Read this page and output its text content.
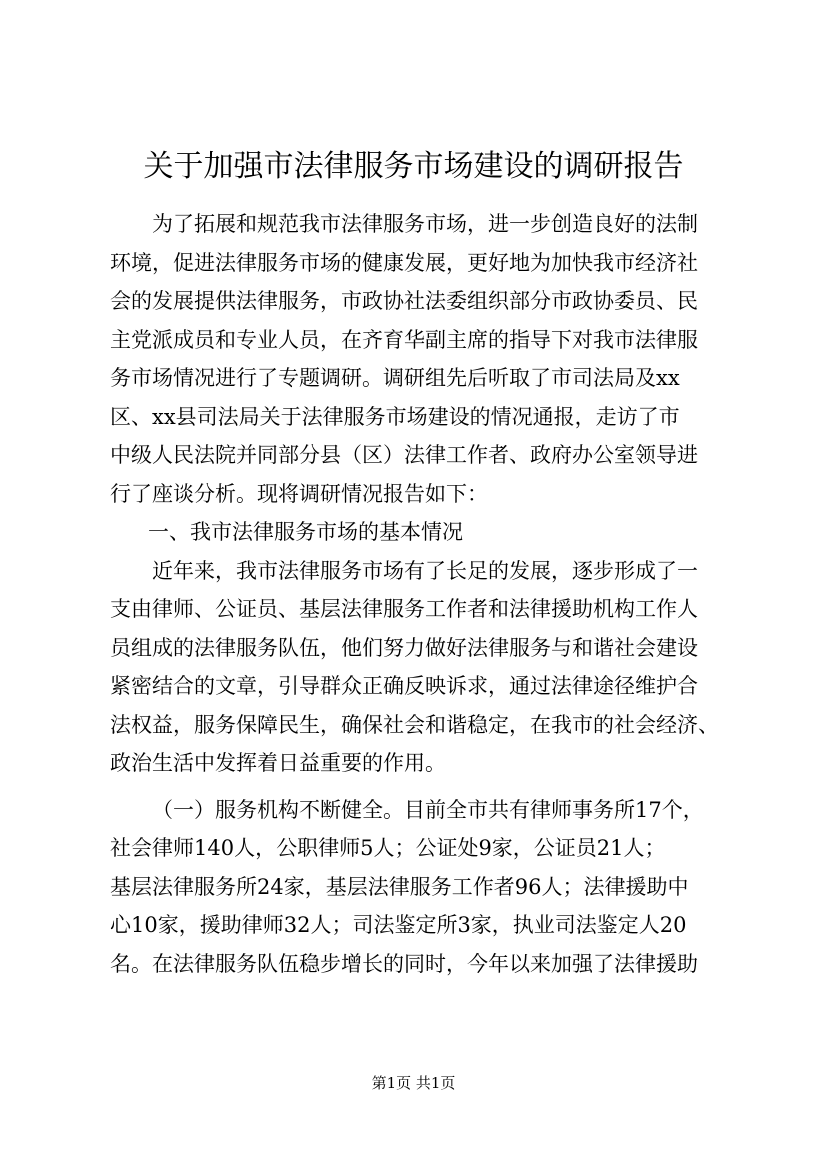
关于加强市法律服务市场建设的调研报告
为了拓展和规范我市法律服务市场，进一步创造良好的法制
环境，促进法律服务市场的健康发展，更好地为加快我市经济社
会的发展提供法律服务，市政协社法委组织部分市政协委员、民
主党派成员和专业人员，在齐育华副主席的指导下对我市法律服
务市场情况进行了专题调研。调研组先后听取了市司法局及xx
区、xx县司法局关于法律服务市场建设的情况通报，走访了市
中级人民法院并同部分县（区）法律工作者、政府办公室领导进
行了座谈分析。现将调研情况报告如下：
一、我市法律服务市场的基本情况
近年来，我市法律服务市场有了长足的发展，逐步形成了一
支由律师、公证员、基层法律服务工作者和法律援助机构工作人
员组成的法律服务队伍，他们努力做好法律服务与和谐社会建设
紧密结合的文章，引导群众正确反映诉求，通过法律途径维护合
法权益，服务保障民生，确保社会和谐稳定，在我市的社会经济、
政治生活中发挥着日益重要的作用。
（一）服务机构不断健全。目前全市共有律师事务所17个，
社会律师140人，公职律师5人；公证处9家，公证员21人；
基层法律服务所24家，基层法律服务工作者96人；法律援助中
心10家，援助律师32人；司法鉴定所3家，执业司法鉴定人20
名。在法律服务队伍稳步增长的同时，今年以来加强了法律援助
第1页 共1页
